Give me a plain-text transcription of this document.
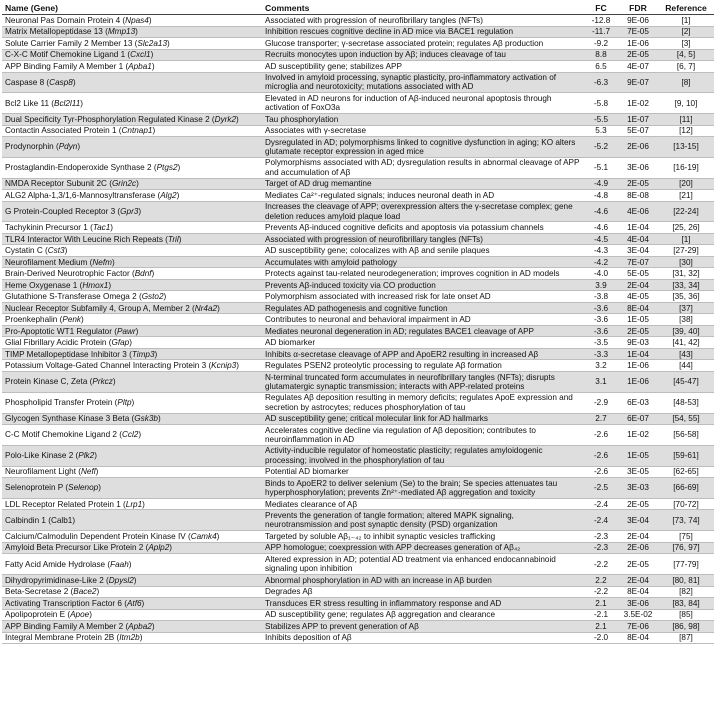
Name (Gene)	Comments	FC	FDR	Reference
Neuronal Pas Domain Protein 4 (Npas4)	Associated with progression of neurofibrillary tangles (NFTs)	-12.8	9E-06	[1]
Matrix Metallopeptidase 13 (Mmp13)	Inhibition rescues cognitive decline in AD mice via BACE1 regulation	-11.7	7E-05	[2]
Solute Carrier Family 2 Member 13 (Slc2a13)	Glucose transporter; γ-secretase associated protein; regulates Aβ production	-9.2	1E-06	[3]
C-X-C Motif Chemokine Ligand 1 (Cxcl1)	Recruits monocytes upon induction by Aβ; induces cleavage of tau	8.8	2E-05	[4, 5]
APP Binding Family A Member 1 (Apba1)	AD susceptibility gene; stabilizes APP	6.5	4E-07	[6, 7]
Caspase 8 (Casp8)	Involved in amyloid processing, synaptic plasticity, pro-inflammatory activation of microglia and neurotoxicity; mutations associated with AD	-6.3	9E-07	[8]
Bcl2 Like 11 (Bcl2l11)	Elevated in AD neurons for induction of Aβ-induced neuronal apoptosis through activation of FoxO3a	-5.8	1E-02	[9, 10]
Dual Specificity Tyr-Phosphorylation Regulated Kinase 2 (Dyrk2)	Tau phosphorylation	-5.5	1E-07	[11]
Contactin Associated Protein 1 (Cntnap1)	Associates with γ-secretase	5.3	5E-07	[12]
Prodynorphin (Pdyn)	Dysregulated in AD; polymorphisms linked to cognitive dysfunction in aging; KO alters glutamate receptor expression in aged mice	-5.2	2E-06	[13-15]
Prostaglandin-Endoperoxide Synthase 2 (Ptgs2)	Polymorphisms associated with AD; dysregulation results in abnormal cleavage of APP and accumulation of Aβ	-5.1	3E-06	[16-19]
NMDA Receptor Subunit 2C (Grin2c)	Target of AD drug memantine	-4.9	2E-05	[20]
ALG2 Alpha-1,3/1,6-Mannosyltransferase (Alg2)	Mediates Ca²⁺-regulated signals; induces neuronal death in AD	-4.8	8E-08	[21]
G Protein-Coupled Receptor 3 (Gpr3)	Increases the cleavage of APP; overexpression alters the γ-secretase complex; gene deletion reduces amyloid plaque load	-4.6	4E-06	[22-24]
Tachykinin Precursor 1 (Tac1)	Prevents Aβ-induced cognitive deficits and apoptosis via potassium channels	-4.6	1E-04	[25, 26]
TLR4 Interactor With Leucine Rich Repeats (Tril)	Associated with progression of neurofibrillary tangles (NFTs)	-4.5	4E-04	[1]
Cystatin C (Cst3)	AD susceptibility gene; colocalizes with Aβ and senile plaques	-4.3	3E-04	[27-29]
Neurofilament Medium (Nefm)	Accumulates with amyloid pathology	-4.2	7E-07	[30]
Brain-Derived Neurotrophic Factor (Bdnf)	Protects against tau-related neurodegeneration; improves cognition in AD models	-4.0	5E-05	[31, 32]
Heme Oxygenase 1 (Hmox1)	Prevents Aβ-induced toxicity via CO production	3.9	2E-04	[33, 34]
Glutathione S-Transferase Omega 2 (Gsto2)	Polymorphism associated with increased risk for late onset AD	-3.8	4E-05	[35, 36]
Nuclear Receptor Subfamily 4, Group A, Member 2 (Nr4a2)	Regulates AD pathogenesis and cognitive function	-3.6	8E-04	[37]
Proenkephalin (Penk)	Contributes to neuronal and behavioral impairment in AD	-3.6	1E-05	[38]
Pro-Apoptotic WT1 Regulator (Pawr)	Mediates neuronal degeneration in AD; regulates BACE1 cleavage of APP	-3.6	2E-05	[39, 40]
Glial Fibrillary Acidic Protein (Gfap)	AD biomarker	-3.5	9E-03	[41, 42]
TIMP Metallopeptidase Inhibitor 3 (Timp3)	Inhibits α-secretase cleavage of APP and ApoER2 resulting in increased Aβ	-3.3	1E-04	[43]
Potassium Voltage-Gated Channel Interacting Protein 3 (Kcnip3)	Regulates PSEN2 proteolytic processing to regulate Aβ formation	3.2	1E-06	[44]
Protein Kinase C, Zeta (Prkcz)	N-terminal truncated form accumulates in neurofibrillary tangles (NFTs); disrupts glutamatergic synaptic transmission; interacts with APP-related proteins	3.1	1E-06	[45-47]
Phospholipid Transfer Protein (Pltp)	Regulates Aβ deposition resulting in memory deficits; regulates ApoE expression and secretion by astrocytes; reduces phosphorylation of tau	-2.9	6E-03	[48-53]
Glycogen Synthase Kinase 3 Beta (Gsk3b)	AD susceptibility gene; critical molecular link for AD hallmarks	2.7	6E-07	[54, 55]
C-C Motif Chemokine Ligand 2 (Ccl2)	Accelerates cognitive decline via regulation of Aβ deposition; contributes to neuroinflammation in AD	-2.6	1E-02	[56-58]
Polo-Like Kinase 2 (Plk2)	Activity-inducible regulator of homeostatic plasticity; regulates amyloidogenic processing; involved in the phosphorylation of tau	-2.6	1E-05	[59-61]
Neurofilament Light (Nefl)	Potential AD biomarker	-2.6	3E-05	[62-65]
Selenoprotein P (Selenop)	Binds to ApoER2 to deliver selenium (Se) to the brain; Se species attenuates tau hyperphosphorylation; prevents Zn²⁺-mediated Aβ aggregation and toxicity	-2.5	3E-03	[66-69]
LDL Receptor Related Protein 1 (Lrp1)	Mediates clearance of Aβ	-2.4	2E-05	[70-72]
Calbindin 1 (Calb1)	Prevents the generation of tangle formation; altered MAPK signaling, neurotransmission and post synaptic density (PSD) organization	-2.4	3E-04	[73, 74]
Calcium/Calmodulin Dependent Protein Kinase IV (Camk4)	Targeted by soluble Aβ₁₋₄₂ to inhibit synaptic vesicles trafficking	-2.3	2E-04	[75]
Amyloid Beta Precursor Like Protein 2 (Aplp2)	APP homologue; coexpression with APP decreases generation of Aβ₄₂	-2.3	2E-06	[76, 97]
Fatty Acid Amide Hydrolase (Faah)	Altered expression in AD; potential AD treatment via enhanced endocannabinoid signaling upon inhibition	-2.2	2E-05	[77-79]
Dihydropyrimidinase-Like 2 (Dpysl2)	Abnormal phosphorylation in AD with an increase in Aβ burden	2.2	2E-04	[80, 81]
Beta-Secretase 2 (Bace2)	Degrades Aβ	-2.2	8E-04	[82]
Activating Transcription Factor 6 (Atf6)	Transduces ER stress resulting in inflammatory response and AD	2.1	3E-06	[83, 84]
Apolipoprotein E (Apoe)	AD susceptibility gene; regulates Aβ aggregation and clearance	-2.1	3.5E-02	[85]
APP Binding Family A Member 2 (Apba2)	Stabilizes APP to prevent generation of Aβ	2.1	7E-06	[86, 98]
Integral Membrane Protein 2B (Itm2b)	Inhibits deposition of Aβ	-2.0	8E-04	[87]
